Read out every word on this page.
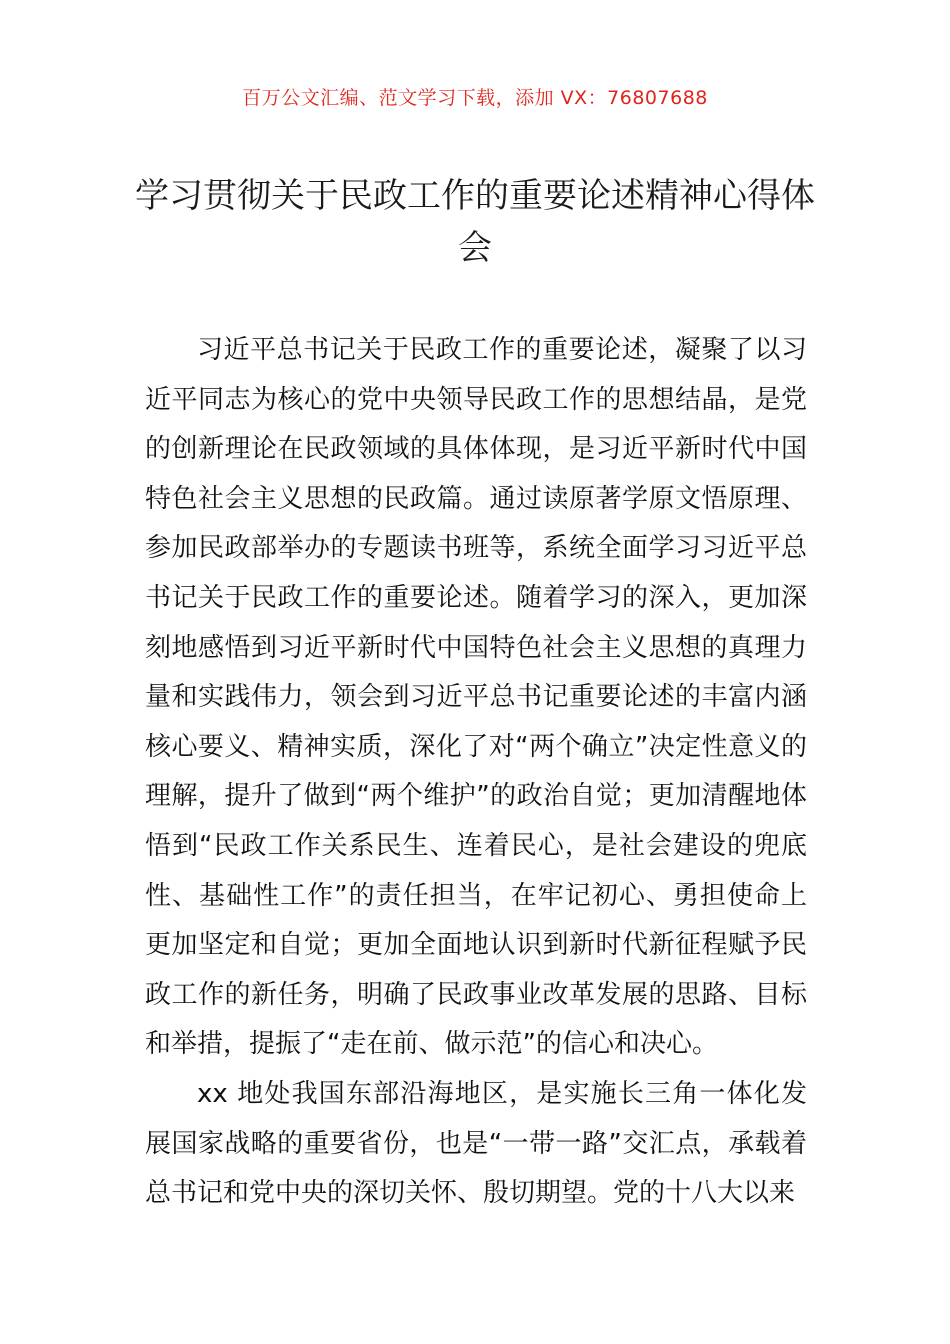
百万公文汇编、范文学习下载，添加 VX：76807688
学习贯彻关于民政工作的重要论述精神心得体会

习近平总书记关于民政工作的重要论述，凝聚了以习近平同志为核心的党中央领导民政工作的思想结晶，是党的创新理论在民政领域的具体体现，是习近平新时代中国特色社会主义思想的民政篇。通过读原著学原文悟原理、参加民政部举办的专题读书班等，系统全面学习习近平总书记关于民政工作的重要论述。随着学习的深入，更加深刻地感悟到习近平新时代中国特色社会主义思想的真理力量和实践伟力，领会到习近平总书记重要论述的丰富内涵核心要义、精神实质，深化了对“两个确立”决定性意义的理解，提升了做到“两个维护”的政治自觉；更加清醒地体悟到“民政工作关系民生、连着民心，是社会建设的兜底性、基础性工作”的责任担当，在牢记初心、勇担使命上更加坚定和自觉；更加全面地认识到新时代新征程赋予民政工作的新任务，明确了民政事业改革发展的思路、目标和举措，提振了“走在前、做示范”的信心和决心。

xx 地处我国东部沿海地区，是实施长三角一体化发展国家战略的重要省份，也是“一带一路”交汇点，承载着总书记和党中央的深切关怀、殷切期望。党的十八大以来
